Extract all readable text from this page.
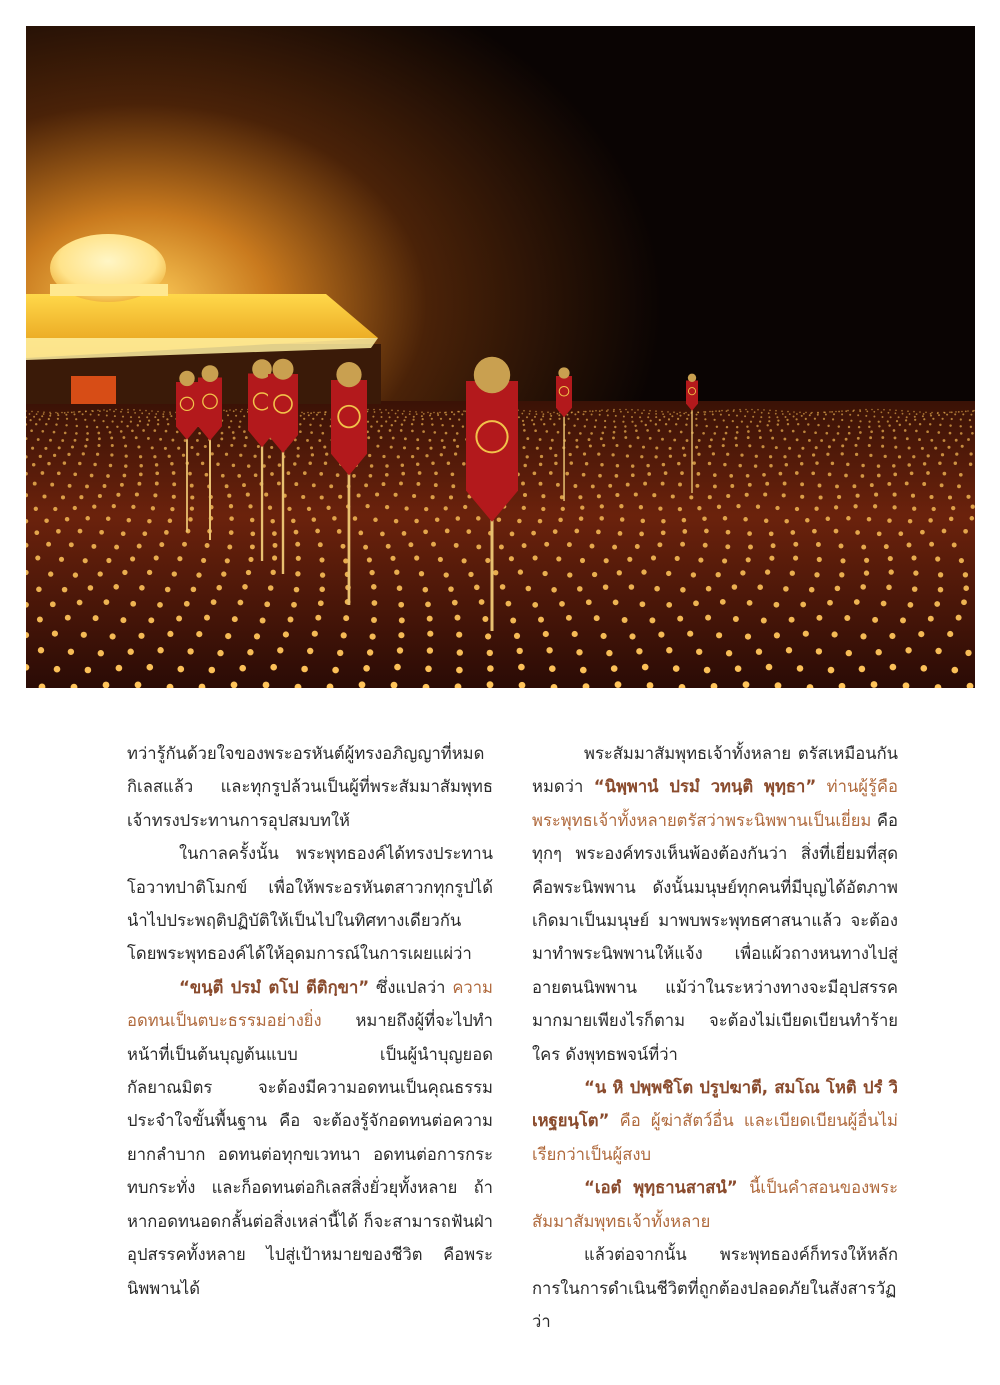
ทว่ารู้กันด้วยใจของพระอรหันต์ผู้ทรงอภิญญาที่หมดกิเลสแล้ว และทุกรูปล้วนเป็นผู้ที่พระสัมมาสัมพุทธเจ้าทรงประทานการอุปสมบทให้

ในกาลครั้งนั้น พระพุทธองค์ได้ทรงประทานโอวาทปาติโมกข์ เพื่อให้พระอรหันตสาวกทุกรูปได้นำไปประพฤติปฏิบัติให้เป็นไปในทิศทางเดียวกัน โดยพระพุทธองค์ได้ให้อุดมการณ์ในการเผยแผ่ว่า

“ขนฺตี ปรมํ ตโป ตีติกฺขา” ซึ่งแปลว่า ความอดทนเป็นตบะธรรมอย่างยิ่ง หมายถึงผู้ที่จะไปทำหน้าที่เป็นต้นบุญต้นแบบ เป็นผู้นำบุญยอดกัลยาณมิตร จะต้องมีความอดทนเป็นคุณธรรมประจำใจขั้นพื้นฐาน คือ จะต้องรู้จักอดทนต่อความยากลำบาก อดทนต่อทุกขเวทนา อดทนต่อการกระทบกระทั่ง และก็อดทนต่อกิเลสสิ่งยั่วยุทั้งหลาย ถ้าหากอดทนอดกลั้นต่อสิ่งเหล่านี้ได้ ก็จะสามารถฟันฝ่าอุปสรรคทั้งหลาย ไปสู่เป้าหมายของชีวิต คือพระนิพพานได้

พระสัมมาสัมพุทธเจ้าทั้งหลาย ตรัสเหมือนกันหมดว่า “นิพฺพานํ ปรมํ วทนฺติ พุทฺธา” ท่านผู้รู้คือพระพุทธเจ้าทั้งหลายตรัสว่าพระนิพพานเป็นเยี่ยม คือทุกๆ พระองค์ทรงเห็นพ้องต้องกันว่า สิ่งที่เยี่ยมที่สุดคือพระนิพพาน ดังนั้นมนุษย์ทุกคนที่มีบุญได้อัตภาพเกิดมาเป็นมนุษย์ มาพบพระพุทธศาสนาแล้ว จะต้องมาทำพระนิพพานให้แจ้ง เพื่อแผ้วถางหนทางไปสู่อายตนนิพพาน แม้ว่าในระหว่างทางจะมีอุปสรรคมากมายเพียงไรก็ตาม จะต้องไม่เบียดเบียนทำร้ายใคร ดังพุทธพจน์ที่ว่า

“น หิ ปพฺพชิโต ปรูปฆาตี, สมโณ โหติ ปรํ วิเหฐยนฺโต” คือ ผู้ฆ่าสัตว์อื่น และเบียดเบียนผู้อื่นไม่เรียกว่าเป็นผู้สงบ

“เอตํ พุทฺธานสาสนํ” นี้เป็นคำสอนของพระสัมมาสัมพุทธเจ้าทั้งหลาย

แล้วต่อจากนั้น พระพุทธองค์ก็ทรงให้หลักการในการดำเนินชีวิตที่ถูกต้องปลอดภัยในสังสารวัฏว่า
